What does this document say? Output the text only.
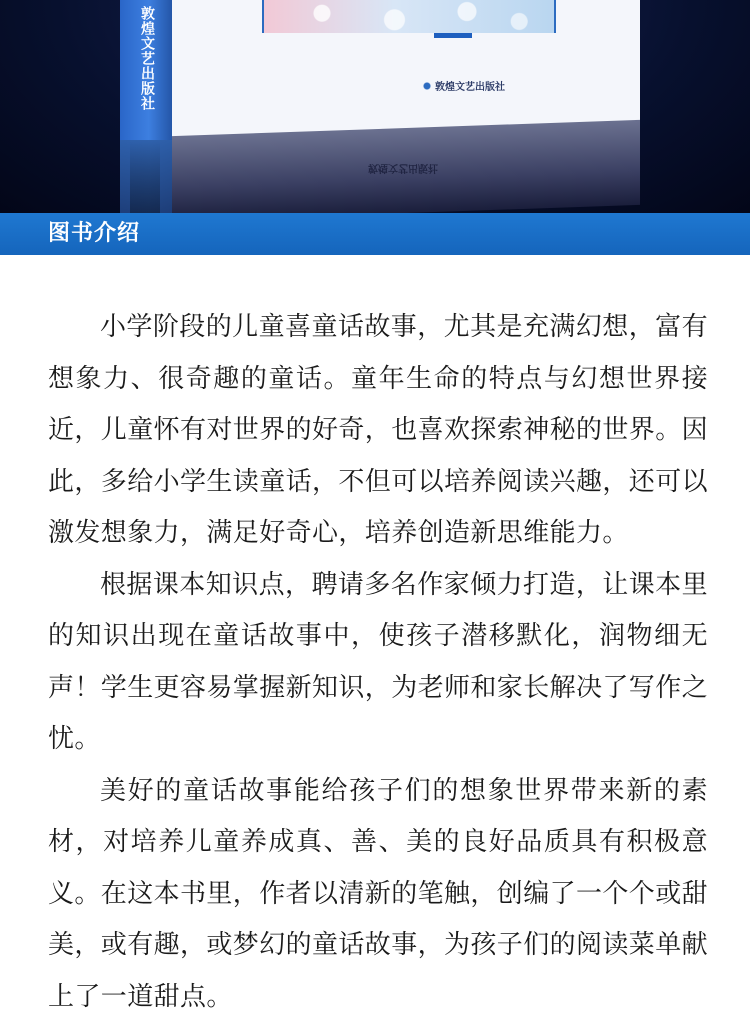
敦煌文艺出版社	敦煌文艺出版社
敦煌文艺出版社
图书介绍

小学阶段的儿童喜童话故事，尤其是充满幻想，富有想象力、很奇趣的童话。童年生命的特点与幻想世界接近，儿童怀有对世界的好奇，也喜欢探索神秘的世界。因此，多给小学生读童话，不但可以培养阅读兴趣，还可以激发想象力，满足好奇心，培养创造新思维能力。

根据课本知识点，聘请多名作家倾力打造，让课本里的知识出现在童话故事中，使孩子潜移默化，润物细无声！学生更容易掌握新知识，为老师和家长解决了写作之忧。

美好的童话故事能给孩子们的想象世界带来新的素材，对培养儿童养成真、善、美的良好品质具有积极意义。在这本书里，作者以清新的笔触，创编了一个个或甜美，或有趣，或梦幻的童话故事，为孩子们的阅读菜单献上了一道甜点。
